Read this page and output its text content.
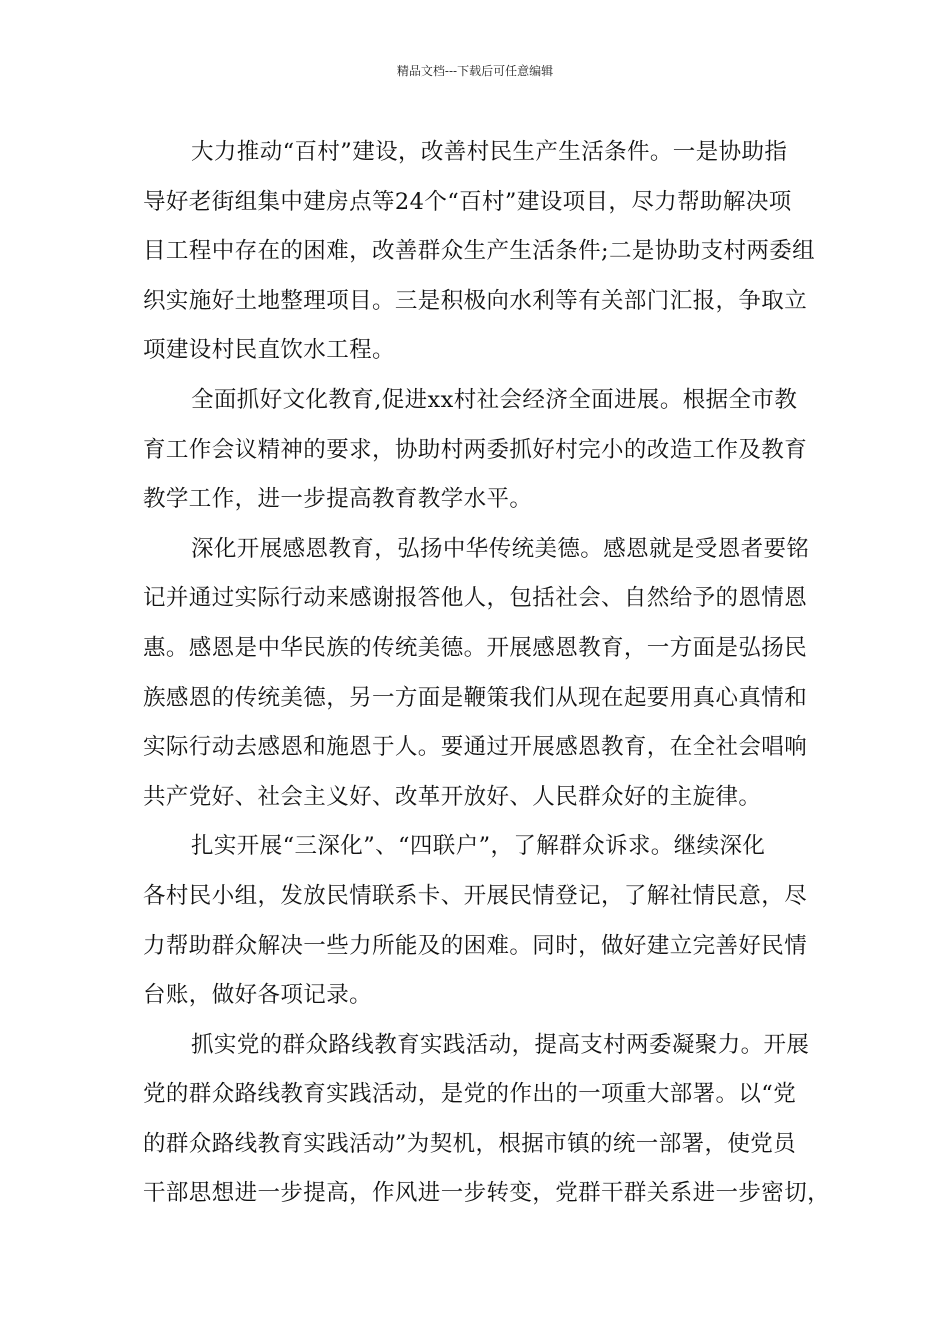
精品文档---下载后可任意编辑

大力推动“百村”建设，改善村民生产生活条件。一是协助指
导好老街组集中建房点等24个“百村”建设项目，尽力帮助解决项
目工程中存在的困难，改善群众生产生活条件;二是协助支村两委组
织实施好土地整理项目。三是积极向水利等有关部门汇报，争取立
项建设村民直饮水工程。

全面抓好文化教育,促进xx村社会经济全面进展。根据全市教
育工作会议精神的要求，协助村两委抓好村完小的改造工作及教育
教学工作，进一步提高教育教学水平。

深化开展感恩教育，弘扬中华传统美德。感恩就是受恩者要铭
记并通过实际行动来感谢报答他人，包括社会、自然给予的恩情恩
惠。感恩是中华民族的传统美德。开展感恩教育，一方面是弘扬民
族感恩的传统美德，另一方面是鞭策我们从现在起要用真心真情和
实际行动去感恩和施恩于人。要通过开展感恩教育，在全社会唱响
共产党好、社会主义好、改革开放好、人民群众好的主旋律。

扎实开展“三深化”、“四联户”，了解群众诉求。继续深化
各村民小组，发放民情联系卡、开展民情登记，了解社情民意，尽
力帮助群众解决一些力所能及的困难。同时，做好建立完善好民情
台账，做好各项记录。

抓实党的群众路线教育实践活动，提高支村两委凝聚力。开展
党的群众路线教育实践活动，是党的作出的一项重大部署。以“党
的群众路线教育实践活动”为契机，根据市镇的统一部署，使党员
干部思想进一步提高，作风进一步转变，党群干群关系进一步密切，
